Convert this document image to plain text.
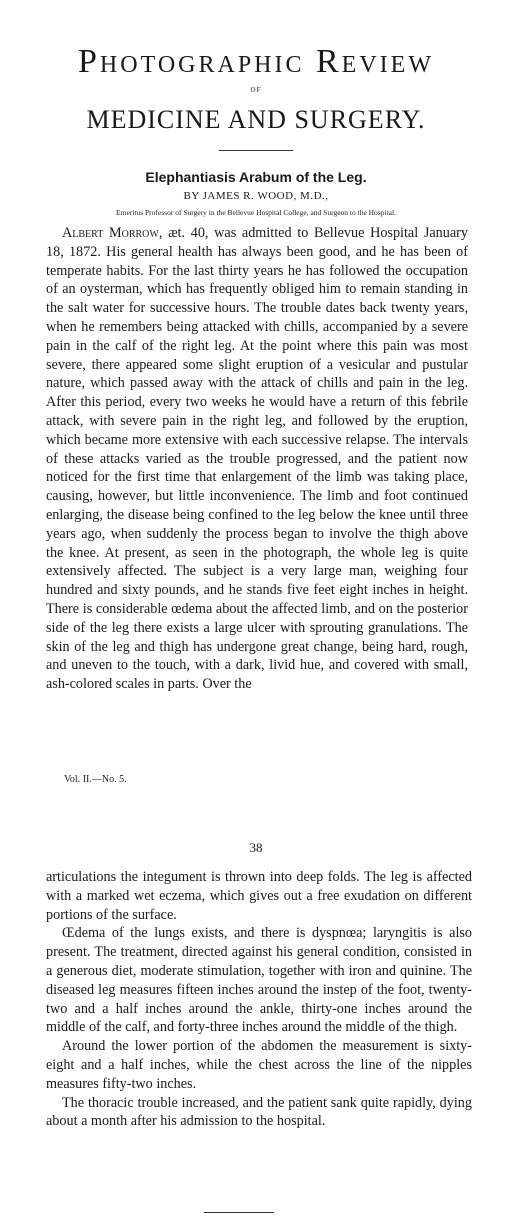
Photographic Review
OF
MEDICINE AND SURGERY.
Elephantiasis Arabum of the Leg.
BY JAMES R. WOOD, M.D.,
Emeritus Professor of Surgery in the Bellevue Hospital College, and Surgeon to the Hospital.

Albert Morrow, æt. 40, was admitted to Bellevue Hospital January 18, 1872. His general health has always been good, and he has been of temperate habits. For the last thirty years he has followed the occupation of an oysterman, which has frequently obliged him to remain standing in the salt water for successive hours. The trouble dates back twenty years, when he remembers being attacked with chills, accompanied by a severe pain in the calf of the right leg. At the point where this pain was most severe, there appeared some slight eruption of a vesicular and pustular nature, which passed away with the attack of chills and pain in the leg. After this period, every two weeks he would have a return of this febrile attack, with severe pain in the right leg, and followed by the eruption, which became more extensive with each successive relapse. The intervals of these attacks varied as the trouble progressed, and the patient now noticed for the first time that enlargement of the limb was taking place, causing, however, but little inconvenience. The limb and foot continued enlarging, the disease being confined to the leg below the knee until three years ago, when suddenly the process began to involve the thigh above the knee. At present, as seen in the photograph, the whole leg is quite extensively affected. The subject is a very large man, weighing four hundred and sixty pounds, and he stands five feet eight inches in height. There is considerable œdema about the affected limb, and on the posterior side of the leg there exists a large ulcer with sprouting granulations. The skin of the leg and thigh has undergone great change, being hard, rough, and uneven to the touch, with a dark, livid hue, and covered with small, ash-colored scales in parts. Over the

Vol. II.—No. 5.
38

articulations the integument is thrown into deep folds. The leg is affected with a marked wet eczema, which gives out a free exudation on different portions of the surface.

Œdema of the lungs exists, and there is dyspnœa; laryngitis is also present. The treatment, directed against his general condition, consisted in a generous diet, moderate stimulation, together with iron and quinine. The diseased leg measures fifteen inches around the instep of the foot, twenty-two and a half inches around the ankle, thirty-one inches around the middle of the calf, and forty-three inches around the middle of the thigh.

Around the lower portion of the abdomen the measurement is sixty-eight and a half inches, while the chest across the line of the nipples measures fifty-two inches.

The thoracic trouble increased, and the patient sank quite rapidly, dying about a month after his admission to the hospital.
